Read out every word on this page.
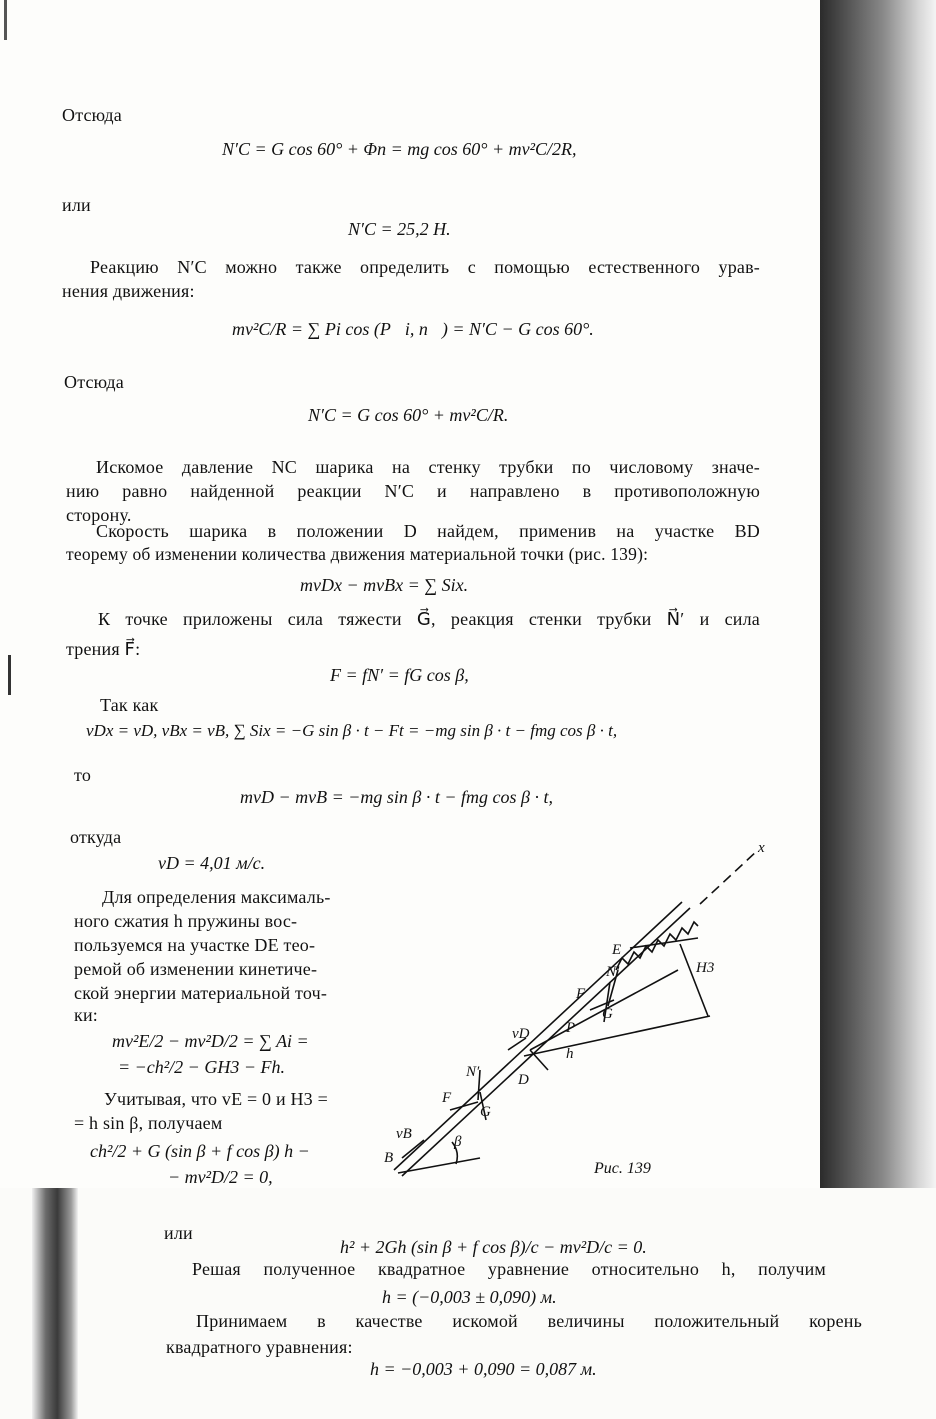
Отсюда
N′C = G cos 60° + Φn = mg cos 60° + mv²C/2R,
или
N′C = 25,2 Н.
Реакцию N′C можно также определить с помощью естественного урав-
нения движения:
mv²C/R = ∑ Pi cos (P⃗i, n⃗) = N′C − G cos 60°.
Отсюда
N′C = G cos 60° + mv²C/R.
Искомое давление NC шарика на стенку трубки по числовому значе-
нию равно найденной реакции N′C и направлено в противоположную
сторону.
Скорость шарика в положении D найдем, применив на участке BD
теорему об изменении количества движения материальной точки (рис. 139):
mvDx − mvBx = ∑ Six.
К точке приложены сила тяжести G⃗, реакция стенки трубки N⃗′ и сила
трения F⃗:
F = fN′ = fG cos β,
Так как
vDx = vD, vBx = vB, ∑ Six = −G sin β · t − Ft = −mg sin β · t − fmg cos β · t,
то
mvD − mvB = −mg sin β · t − fmg cos β · t,
откуда
vD = 4,01 м/с.
Для определения максималь-
ного сжатия h пружины вос-
пользуемся на участке DE тео-
ремой об изменении кинетиче-
ской энергии материальной точ-
ки:
mv²E/2 − mv²D/2 = ∑ Ai =
= −ch²/2 − GH3 − Fh.
Учитывая, что vE = 0 и H3 =
= h sin β, получаем
ch²/2 + G (sin β + f cos β) h −
− mv²D/2 = 0,
x
E
N′	H3
F
G
P
vD
h
D
N′
F
G
vB	β
B
Рис. 139
или
h² + 2Gh (sin β + f cos β)/c − mv²D/c = 0.
Решая полученное квадратное уравнение относительно h, получим
h = (−0,003 ± 0,090) м.
Принимаем в качестве искомой величины положительный корень
квадратного уравнения:
h = −0,003 + 0,090 = 0,087 м.
